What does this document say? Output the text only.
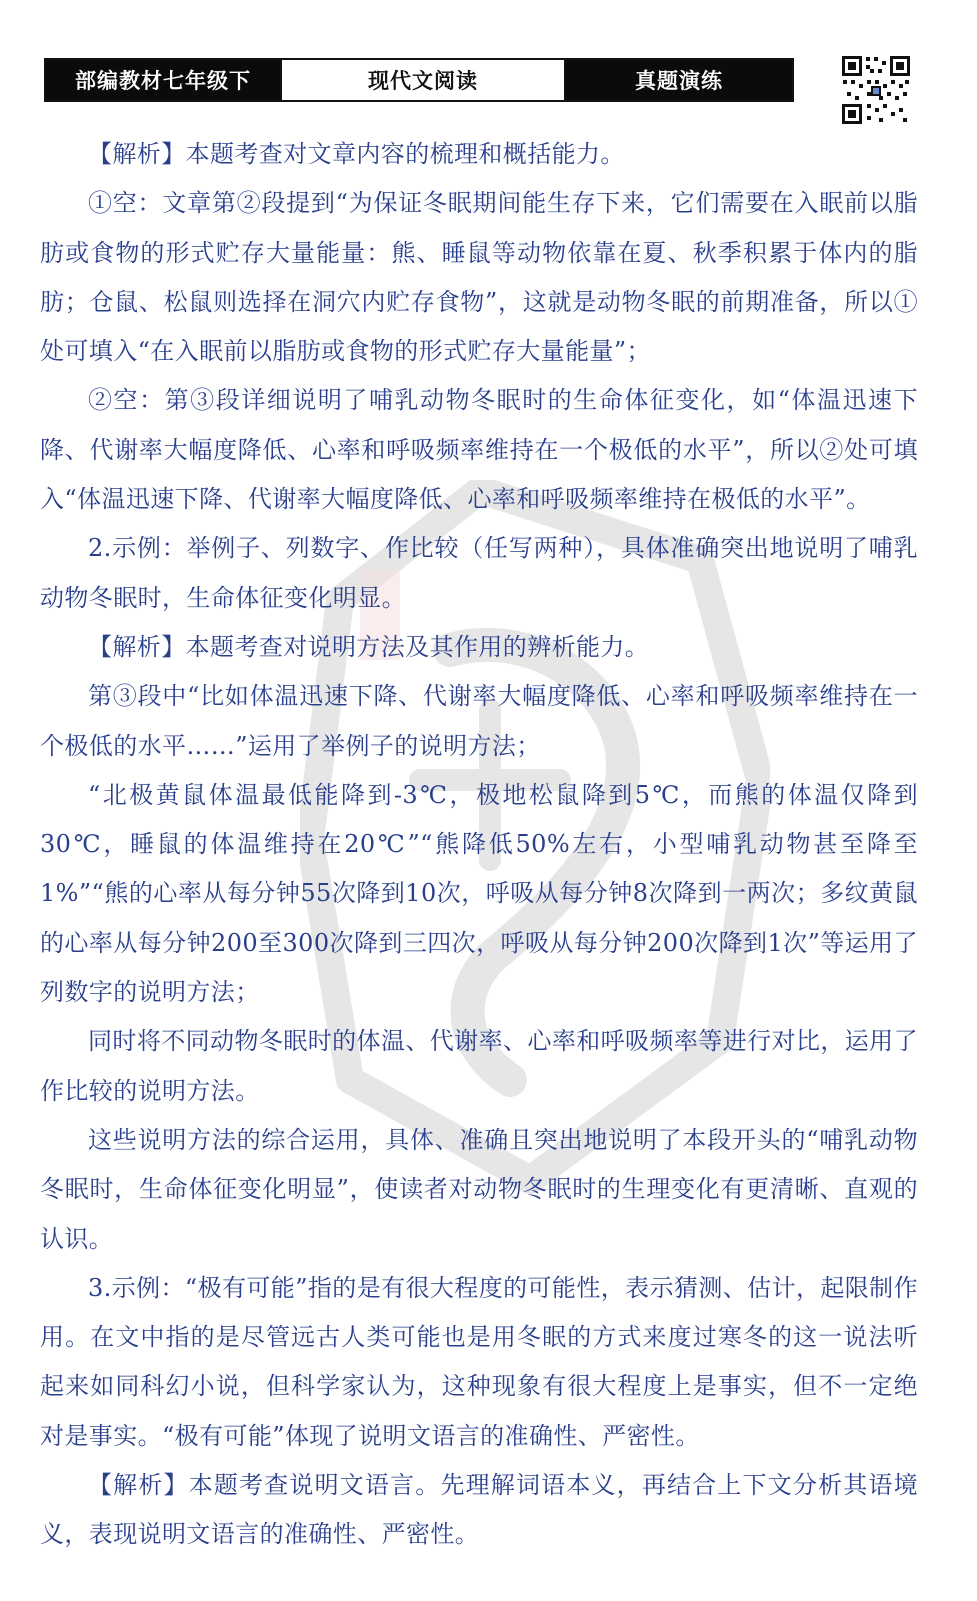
部编教材七年级下	现代文阅读	真题演练

【解析】本题考查对文章内容的梳理和概括能力。

①空：文章第②段提到“为保证冬眠期间能生存下来，它们需要在入眠前以脂肪或食物的形式贮存大量能量：熊、睡鼠等动物依靠在夏、秋季积累于体内的脂肪；仓鼠、松鼠则选择在洞穴内贮存食物”，这就是动物冬眠的前期准备，所以①处可填入“在入眠前以脂肪或食物的形式贮存大量能量”；

②空：第③段详细说明了哺乳动物冬眠时的生命体征变化，如“体温迅速下降、代谢率大幅度降低、心率和呼吸频率维持在一个极低的水平”，所以②处可填入“体温迅速下降、代谢率大幅度降低、心率和呼吸频率维持在极低的水平”。

2.示例：举例子、列数字、作比较（任写两种），具体准确突出地说明了哺乳动物冬眠时，生命体征变化明显。

【解析】本题考查对说明方法及其作用的辨析能力。

第③段中“比如体温迅速下降、代谢率大幅度降低、心率和呼吸频率维持在一个极低的水平……”运用了举例子的说明方法；

“北极黄鼠体温最低能降到-3℃，极地松鼠降到5℃，而熊的体温仅降到30℃，睡鼠的体温维持在20℃”“熊降低50%左右，小型哺乳动物甚至降至1%”“熊的心率从每分钟55次降到10次，呼吸从每分钟8次降到一两次；多纹黄鼠的心率从每分钟200至300次降到三四次，呼吸从每分钟200次降到1次”等运用了列数字的说明方法；

同时将不同动物冬眠时的体温、代谢率、心率和呼吸频率等进行对比，运用了作比较的说明方法。

这些说明方法的综合运用，具体、准确且突出地说明了本段开头的“哺乳动物冬眠时，生命体征变化明显”，使读者对动物冬眠时的生理变化有更清晰、直观的认识。

3.示例：“极有可能”指的是有很大程度的可能性，表示猜测、估计，起限制作用。在文中指的是尽管远古人类可能也是用冬眠的方式来度过寒冬的这一说法听起来如同科幻小说，但科学家认为，这种现象有很大程度上是事实，但不一定绝对是事实。“极有可能”体现了说明文语言的准确性、严密性。

【解析】本题考查说明文语言。先理解词语本义，再结合上下文分析其语境义，表现说明文语言的准确性、严密性。
